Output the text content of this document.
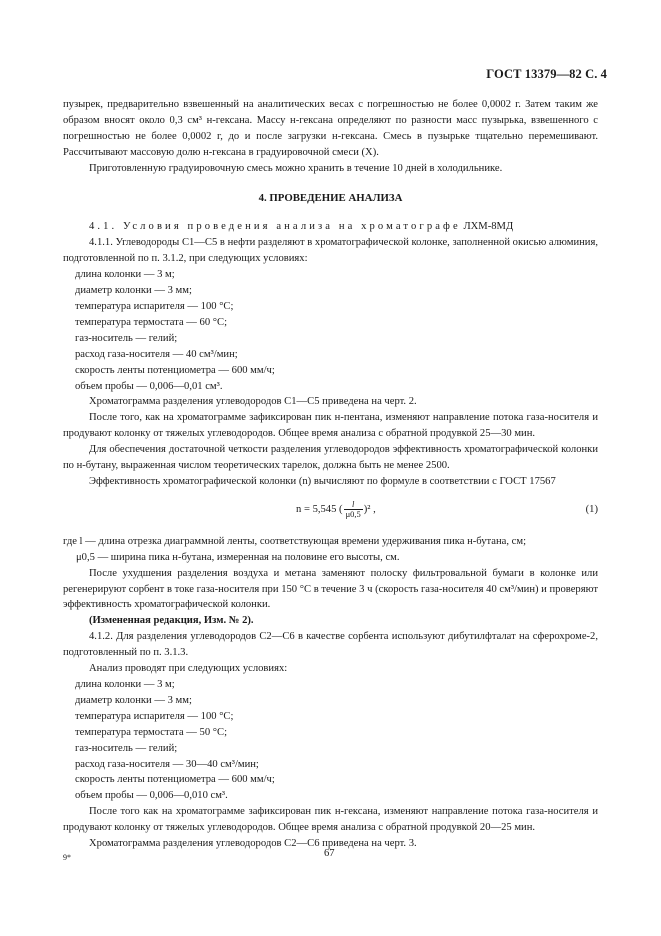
ГОСТ 13379—82 С. 4

пузырек, предварительно взвешенный на аналитических весах с погрешностью не более 0,0002 г. Затем таким же образом вносят около 0,3 см³ н-гексана. Массу н-гексана определяют по разности масс пузырька, взвешенного с погрешностью не более 0,0002 г, до и после загрузки н-гексана. Смесь в пузырьке тщательно перемешивают. Рассчитывают массовую долю н-гексана в градуировочной смеси (X).

Приготовленную градуировочную смесь можно хранить в течение 10 дней в холодильнике.

4. ПРОВЕДЕНИЕ АНАЛИЗА

4.1. Условия проведения анализа на хроматографе ЛХМ-8МД

4.1.1. Углеводороды C1—C5 в нефти разделяют в хроматографической колонке, заполненной окисью алюминия, подготовленной по п. 3.1.2, при следующих условиях:

длина колонки — 3 м;

диаметр колонки — 3 мм;

температура испарителя — 100 °С;

температура термостата — 60 °С;

газ-носитель — гелий;

расход газа-носителя — 40 см³/мин;

скорость ленты потенциометра — 600 мм/ч;

объем пробы — 0,006—0,01 см³.

Хроматограмма разделения углеводородов C1—C5 приведена на черт. 2.

После того, как на хроматограмме зафиксирован пик н-пентана, изменяют направление потока газа-носителя и продувают колонку от тяжелых углеводородов. Общее время анализа с обратной продувкой 25—30 мин.

Для обеспечения достаточной четкости разделения углеводородов эффективность хроматографической колонки по н-бутану, выраженная числом теоретических тарелок, должна быть не менее 2500.

Эффективность хроматографической колонки (n) вычисляют по формуле в соответствии с ГОСТ 17567

n = 5,545 ( $\frac{l}{\mu 0,5} )^2$ ,	(1)

где l — длина отрезка диаграммной ленты, соответствующая времени удерживания пика н-бутана, см;

μ0,5 — ширина пика н-бутана, измеренная на половине его высоты, см.

После ухудшения разделения воздуха и метана заменяют полоску фильтровальной бумаги в колонке или регенерируют сорбент в токе газа-носителя при 150 °С в течение 3 ч (скорость газа-носителя 40 см³/мин) и проверяют эффективность хроматографической колонки.

(Измененная редакция, Изм. № 2).

4.1.2. Для разделения углеводородов C2—C6 в качестве сорбента используют дибутилфталат на сферохроме-2, подготовленный по п. 3.1.3.

Анализ проводят при следующих условиях:

длина колонки — 3 м;

диаметр колонки — 3 мм;

температура испарителя — 100 °С;

температура термостата — 50 °С;

газ-носитель — гелий;

расход газа-носителя — 30—40 см³/мин;

скорость ленты потенциометра — 600 мм/ч;

объем пробы — 0,006—0,010 см³.

После того как на хроматограмме зафиксирован пик н-гексана, изменяют направление потока газа-носителя и продувают колонку от тяжелых углеводородов. Общее время анализа с обратной продувкой 20—25 мин.

Хроматограмма разделения углеводородов C2—C6 приведена на черт. 3.

9*	67
